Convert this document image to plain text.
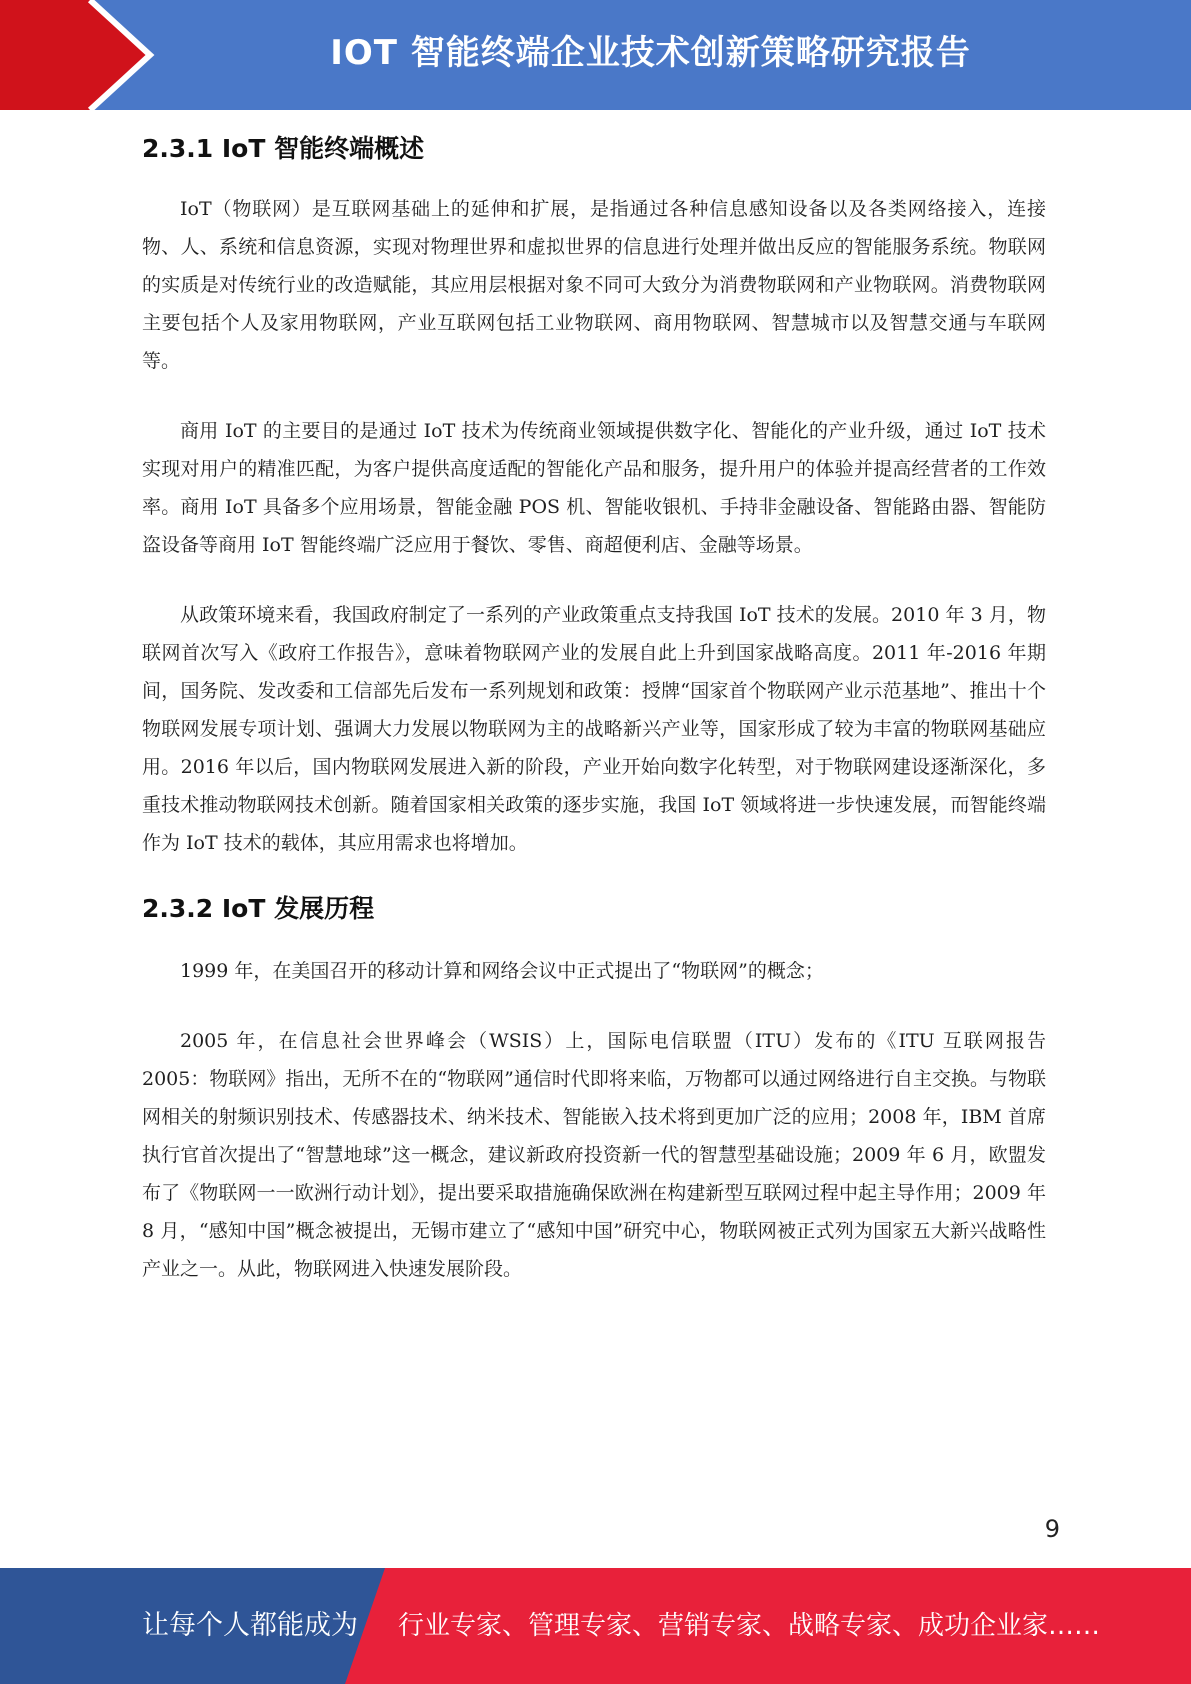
IOT 智能终端企业技术创新策略研究报告
2.3.1 IoT 智能终端概述

IoT（物联网）是互联网基础上的延伸和扩展，是指通过各种信息感知设备以及各类网络接入，连接物、人、系统和信息资源，实现对物理世界和虚拟世界的信息进行处理并做出反应的智能服务系统。物联网的实质是对传统行业的改造赋能，其应用层根据对象不同可大致分为消费物联网和产业物联网。消费物联网主要包括个人及家用物联网，产业互联网包括工业物联网、商用物联网、智慧城市以及智慧交通与车联网等。

商用 IoT 的主要目的是通过 IoT 技术为传统商业领域提供数字化、智能化的产业升级，通过 IoT 技术实现对用户的精准匹配，为客户提供高度适配的智能化产品和服务，提升用户的体验并提高经营者的工作效率。商用 IoT 具备多个应用场景，智能金融 POS 机、智能收银机、手持非金融设备、智能路由器、智能防盗设备等商用 IoT 智能终端广泛应用于餐饮、零售、商超便利店、金融等场景。

从政策环境来看，我国政府制定了一系列的产业政策重点支持我国 IoT 技术的发展。2010 年 3 月，物联网首次写入《政府工作报告》，意味着物联网产业的发展自此上升到国家战略高度。2011 年-2016 年期间，国务院、发改委和工信部先后发布一系列规划和政策：授牌“国家首个物联网产业示范基地”、推出十个物联网发展专项计划、强调大力发展以物联网为主的战略新兴产业等，国家形成了较为丰富的物联网基础应用。2016 年以后，国内物联网发展进入新的阶段，产业开始向数字化转型，对于物联网建设逐渐深化，多重技术推动物联网技术创新。随着国家相关政策的逐步实施，我国 IoT 领域将进一步快速发展，而智能终端作为 IoT 技术的载体，其应用需求也将增加。

2.3.2 IoT 发展历程

1999 年，在美国召开的移动计算和网络会议中正式提出了“物联网”的概念；

2005 年，在信息社会世界峰会（WSIS）上，国际电信联盟（ITU）发布的《ITU 互联网报告 2005：物联网》指出，无所不在的“物联网”通信时代即将来临，万物都可以通过网络进行自主交换。与物联网相关的射频识别技术、传感器技术、纳米技术、智能嵌入技术将到更加广泛的应用；2008 年，IBM 首席执行官首次提出了“智慧地球”这一概念，建议新政府投资新一代的智慧型基础设施；2009 年 6 月，欧盟发布了《物联网一一欧洲行动计划》，提出要采取措施确保欧洲在构建新型互联网过程中起主导作用；2009 年 8 月，“感知中国”概念被提出，无锡市建立了“感知中国”研究中心，物联网被正式列为国家五大新兴战略性产业之一。从此，物联网进入快速发展阶段。

9
让每个人都能成为 行业专家、管理专家、营销专家、战略专家、成功企业家……
